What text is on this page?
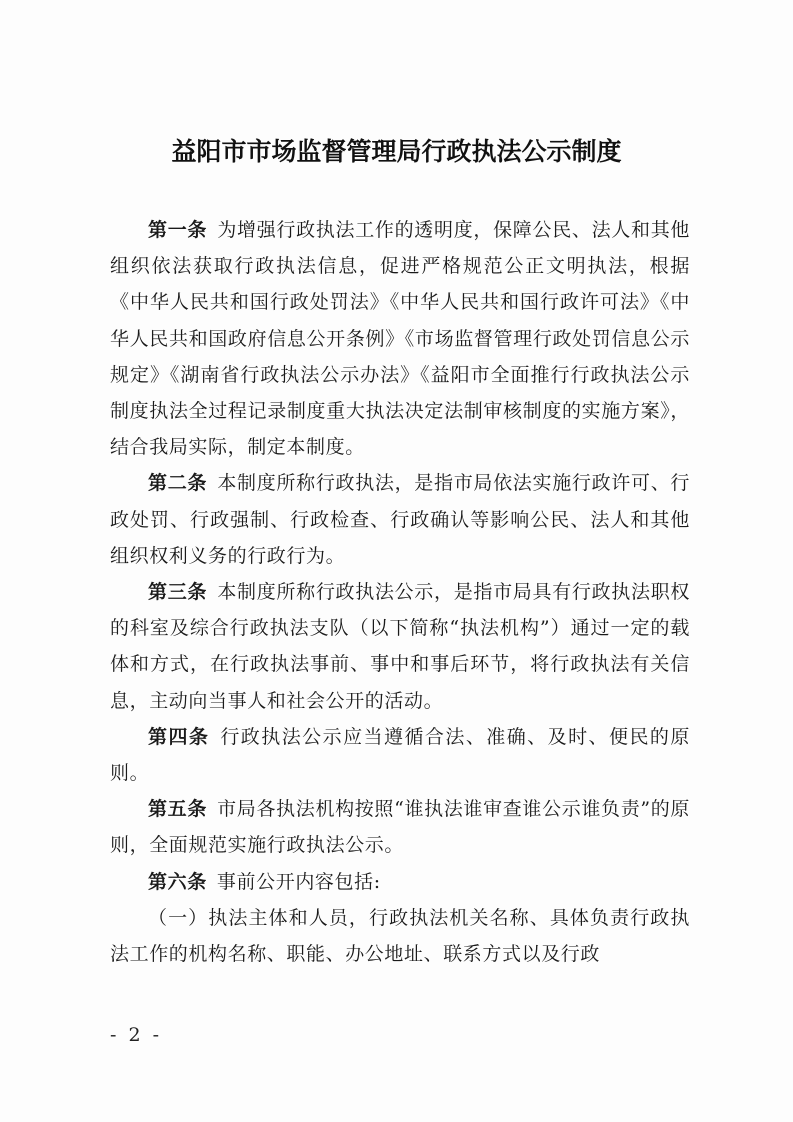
益阳市市场监督管理局行政执法公示制度

第一条  为增强行政执法工作的透明度，保障公民、法人和其他组织依法获取行政执法信息，促进严格规范公正文明执法，根据《中华人民共和国行政处罚法》《中华人民共和国行政许可法》《中华人民共和国政府信息公开条例》《市场监督管理行政处罚信息公示规定》《湖南省行政执法公示办法》《益阳市全面推行行政执法公示制度执法全过程记录制度重大执法决定法制审核制度的实施方案》，结合我局实际，制定本制度。

第二条  本制度所称行政执法，是指市局依法实施行政许可、行政处罚、行政强制、行政检查、行政确认等影响公民、法人和其他组织权利义务的行政行为。

第三条  本制度所称行政执法公示，是指市局具有行政执法职权的科室及综合行政执法支队（以下简称“执法机构”）通过一定的载体和方式，在行政执法事前、事中和事后环节，将行政执法有关信息，主动向当事人和社会公开的活动。

第四条  行政执法公示应当遵循合法、准确、及时、便民的原则。

第五条  市局各执法机构按照“谁执法谁审查谁公示谁负责”的原则，全面规范实施行政执法公示。

第六条  事前公开内容包括:

（一）执法主体和人员，行政执法机关名称、具体负责行政执法工作的机构名称、职能、办公地址、联系方式以及行政

- 2 -
